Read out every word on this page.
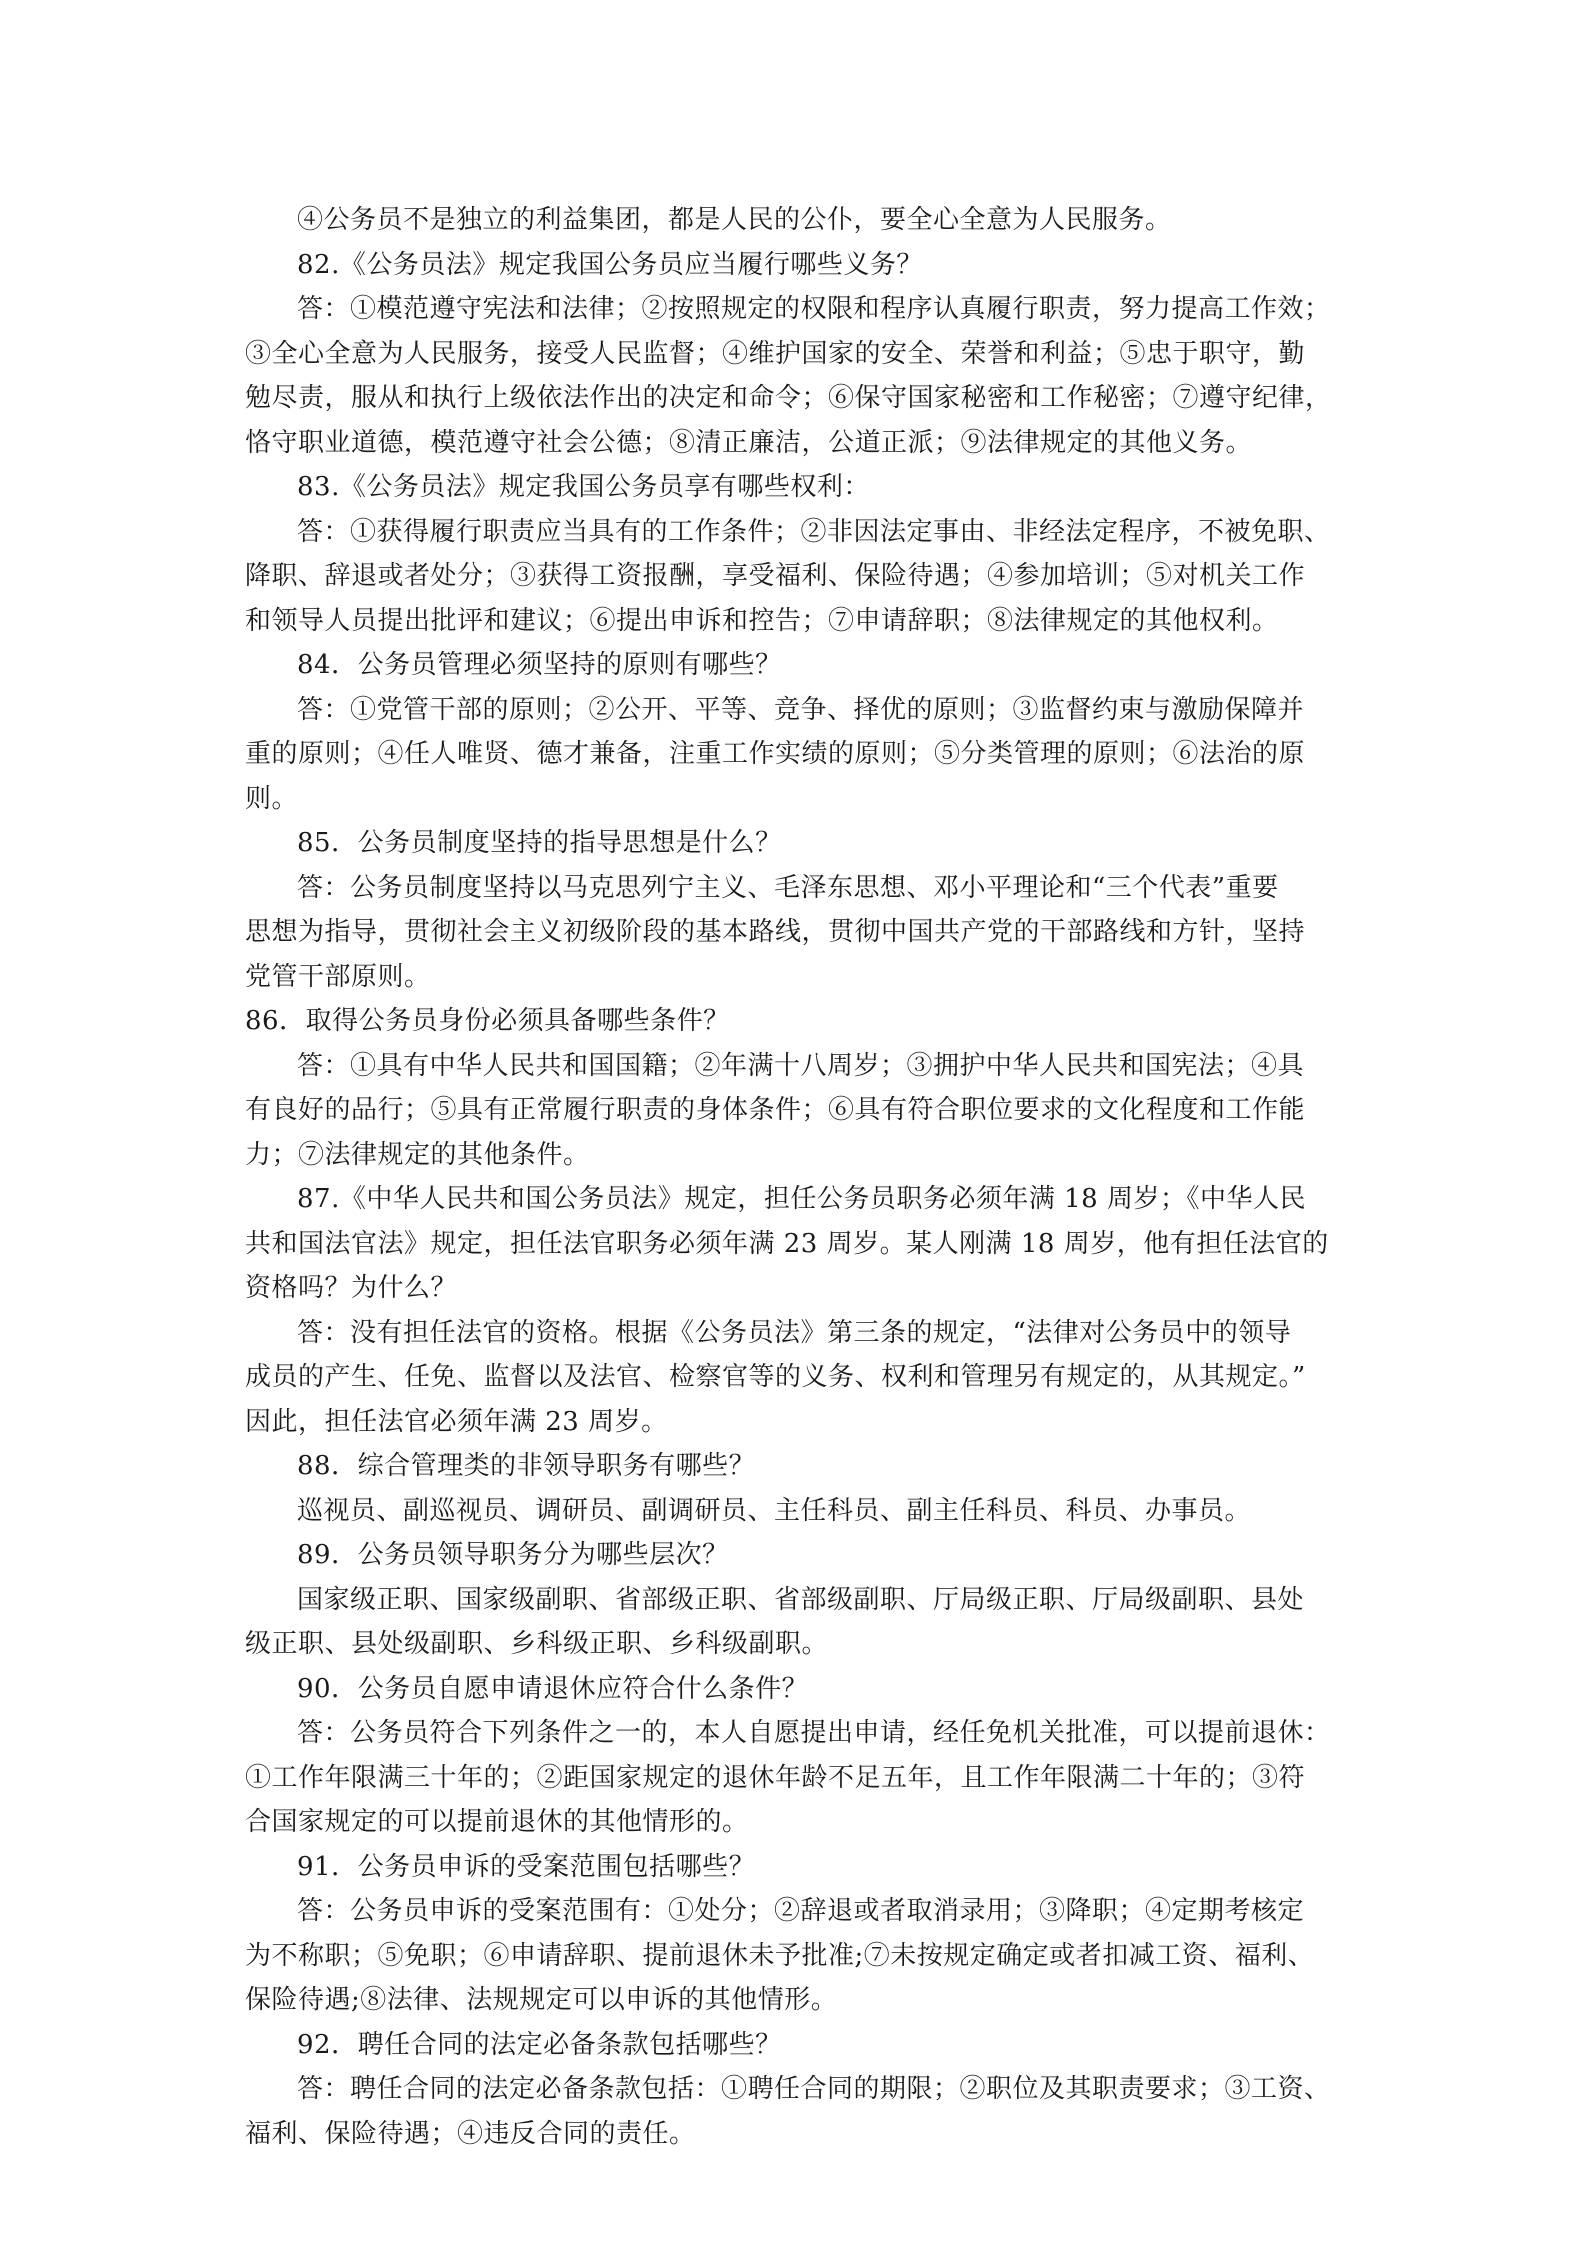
④公务员不是独立的利益集团，都是人民的公仆，要全心全意为人民服务。

82.《公务员法》规定我国公务员应当履行哪些义务？

答：①模范遵守宪法和法律；②按照规定的权限和程序认真履行职责，努力提高工作效；

③全心全意为人民服务，接受人民监督；④维护国家的安全、荣誉和利益；⑤忠于职守，勤

勉尽责，服从和执行上级依法作出的决定和命令；⑥保守国家秘密和工作秘密；⑦遵守纪律，

恪守职业道德，模范遵守社会公德；⑧清正廉洁，公道正派；⑨法律规定的其他义务。

83.《公务员法》规定我国公务员享有哪些权利：

答：①获得履行职责应当具有的工作条件；②非因法定事由、非经法定程序，不被免职、

降职、辞退或者处分；③获得工资报酬，享受福利、保险待遇；④参加培训；⑤对机关工作

和领导人员提出批评和建议；⑥提出申诉和控告；⑦申请辞职；⑧法律规定的其他权利。

84．公务员管理必须坚持的原则有哪些？

答：①党管干部的原则；②公开、平等、竞争、择优的原则；③监督约束与激励保障并

重的原则；④任人唯贤、德才兼备，注重工作实绩的原则；⑤分类管理的原则；⑥法治的原

则。

85．公务员制度坚持的指导思想是什么？

答：公务员制度坚持以马克思列宁主义、毛泽东思想、邓小平理论和“三个代表”重要

思想为指导，贯彻社会主义初级阶段的基本路线，贯彻中国共产党的干部路线和方针，坚持

党管干部原则。

86．取得公务员身份必须具备哪些条件？

答：①具有中华人民共和国国籍；②年满十八周岁；③拥护中华人民共和国宪法；④具

有良好的品行；⑤具有正常履行职责的身体条件；⑥具有符合职位要求的文化程度和工作能

力；⑦法律规定的其他条件。

87.《中华人民共和国公务员法》规定，担任公务员职务必须年满 18 周岁；《中华人民

共和国法官法》规定，担任法官职务必须年满 23 周岁。某人刚满 18 周岁，他有担任法官的

资格吗？为什么？

答：没有担任法官的资格。根据《公务员法》第三条的规定，“法律对公务员中的领导

成员的产生、任免、监督以及法官、检察官等的义务、权利和管理另有规定的，从其规定。”

因此，担任法官必须年满 23 周岁。

88．综合管理类的非领导职务有哪些？

巡视员、副巡视员、调研员、副调研员、主任科员、副主任科员、科员、办事员。

89．公务员领导职务分为哪些层次？

国家级正职、国家级副职、省部级正职、省部级副职、厅局级正职、厅局级副职、县处

级正职、县处级副职、乡科级正职、乡科级副职。

90．公务员自愿申请退休应符合什么条件？

答：公务员符合下列条件之一的，本人自愿提出申请，经任免机关批准，可以提前退休：

①工作年限满三十年的；②距国家规定的退休年龄不足五年，且工作年限满二十年的；③符

合国家规定的可以提前退休的其他情形的。

91．公务员申诉的受案范围包括哪些？

答：公务员申诉的受案范围有：①处分；②辞退或者取消录用；③降职；④定期考核定

为不称职；⑤免职；⑥申请辞职、提前退休未予批准;⑦未按规定确定或者扣减工资、福利、

保险待遇;⑧法律、法规规定可以申诉的其他情形。

92．聘任合同的法定必备条款包括哪些？

答：聘任合同的法定必备条款包括：①聘任合同的期限；②职位及其职责要求；③工资、

福利、保险待遇；④违反合同的责任。
